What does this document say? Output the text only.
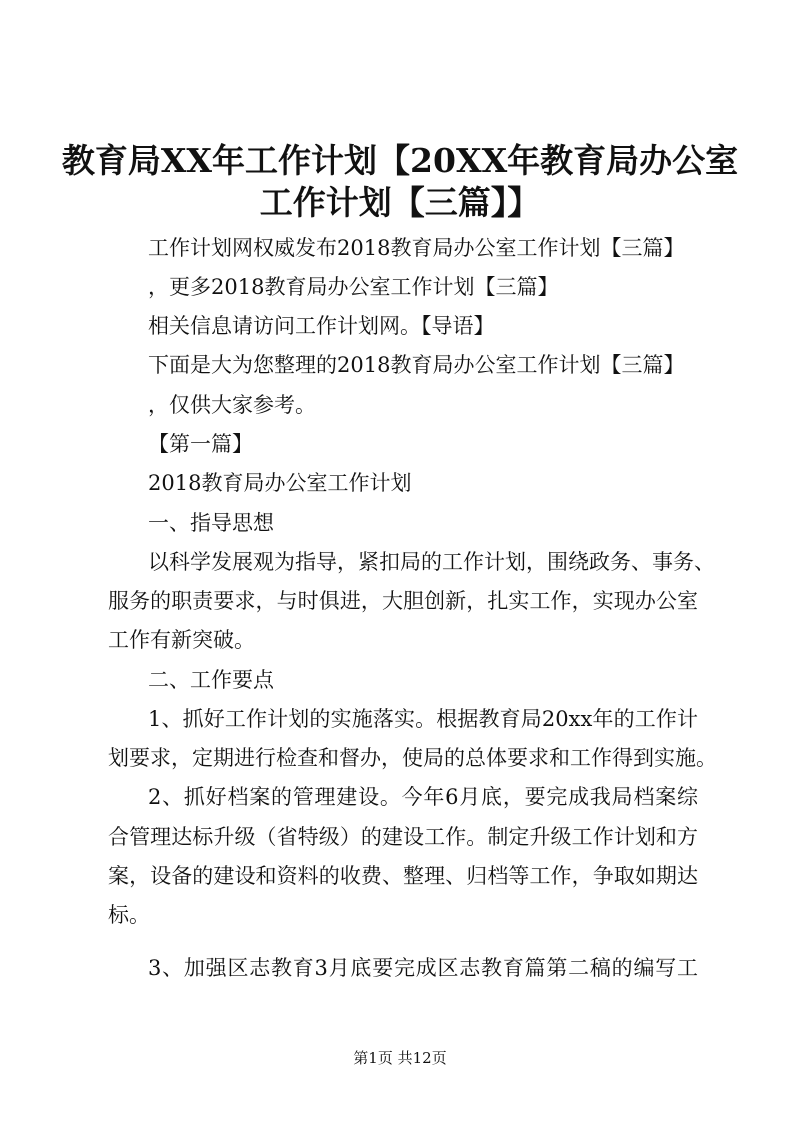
教育局XX年工作计划【20XX年教育局办公室
工作计划【三篇】】
工作计划网权威发布2018教育局办公室工作计划【三篇】
，更多2018教育局办公室工作计划【三篇】
相关信息请访问工作计划网。【导语】
下面是大为您整理的2018教育局办公室工作计划【三篇】
，仅供大家参考。
【第一篇】
2018教育局办公室工作计划
一、指导思想
以科学发展观为指导，紧扣局的工作计划，围绕政务、事务、
服务的职责要求，与时俱进，大胆创新，扎实工作，实现办公室
工作有新突破。
二、工作要点
1、抓好工作计划的实施落实。根据教育局20xx年的工作计
划要求，定期进行检查和督办，使局的总体要求和工作得到实施。
2、抓好档案的管理建设。今年6月底，要完成我局档案综
合管理达标升级（省特级）的建设工作。制定升级工作计划和方
案，设备的建设和资料的收费、整理、归档等工作，争取如期达
标。
3、加强区志教育3月底要完成区志教育篇第二稿的编写工
第1页 共12页
